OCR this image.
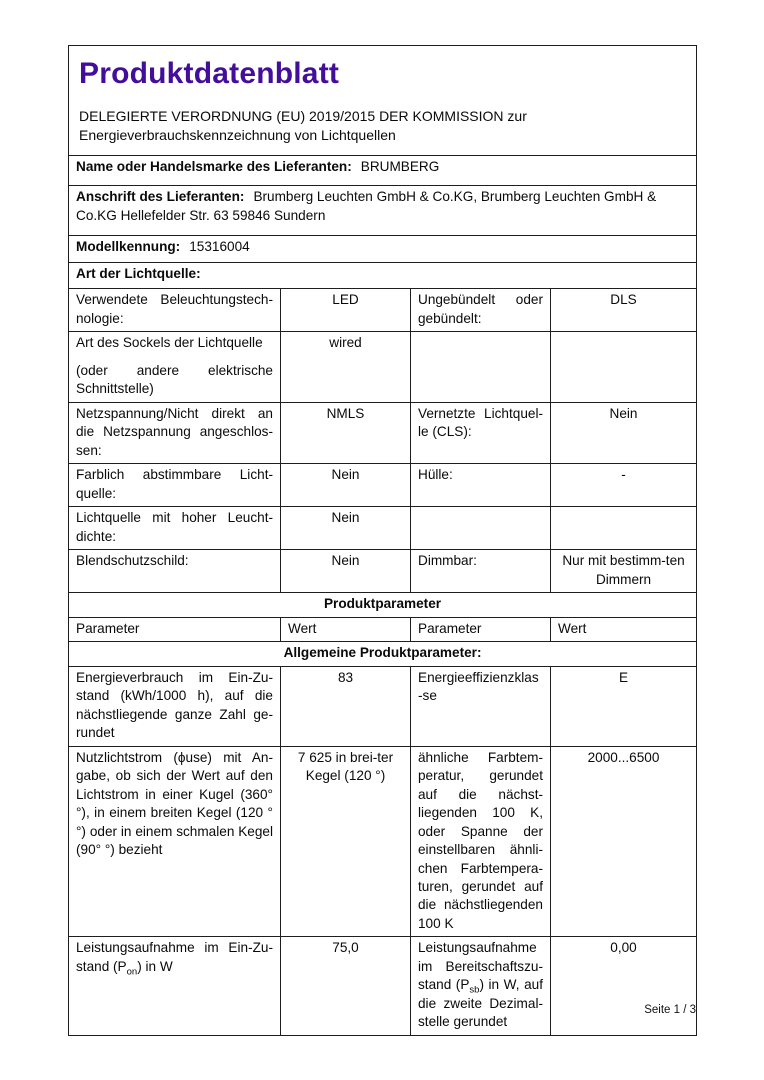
Produktdatenblatt
DELEGIERTE VERORDNUNG (EU) 2019/2015 DER KOMMISSION zur
Energieverbrauchskennzeichnung von Lichtquellen			

Name oder Handelsmarke des Lieferanten: BRUMBERG			
Anschrift des Lieferanten: Brumberg Leuchten GmbH & Co.KG, Brumberg Leuchten GmbH & Co.KG Hellefelder Str. 63 59846 Sundern			
Modellkennung: 15316004			
Art der Lichtquelle:			
Verwendete Beleuchtungstech-nologie:	LED	Ungebündelt oder gebündelt:	DLS

Art des Sockels der Lichtquelle
(oder andere elektrische Schnittstelle)	wired		
Netzspannung/Nicht direkt an die Netzspannung angeschlos-sen:	NMLS	Vernetzte Lichtquel-le (CLS):	Nein
Farblich abstimmbare Licht-quelle:	Nein	Hülle:	-
Lichtquelle mit hoher Leucht-dichte:	Nein		
Blendschutzschild:	Nein	Dimmbar:	Nur mit bestimm-ten Dimmern
Produktparameter			
Parameter	Wert	Parameter	Wert
Allgemeine Produktparameter:			
Energieverbrauch im Ein-Zu-stand (kWh/1000 h), auf die nächstliegende ganze Zahl ge-rundet	83	Energieeffizienzklas-se	E
Nutzlichtstrom (ϕuse) mit An-gabe, ob sich der Wert auf den Lichtstrom in einer Kugel (360° °), in einem breiten Kegel (120 °°) oder in einem schmalen Kegel (90° °) bezieht	7 625 in brei-ter Kegel (120 °)	ähnliche Farbtem-peratur, gerundet auf die nächst-liegenden 100 K, oder Spanne der einstellbaren ähnli-chen Farbtempera-turen, gerundet auf die nächstliegenden 100 K	2000...6500
Leistungsaufnahme im Ein-Zu-stand $(P_{on})$ in W	75,0	Leistungsaufnahme im Bereitschaftszu-stand $(P_{sb})$ in W, auf die zweite Dezimal-stelle gerundet	0,00
Seite 1 / 3
